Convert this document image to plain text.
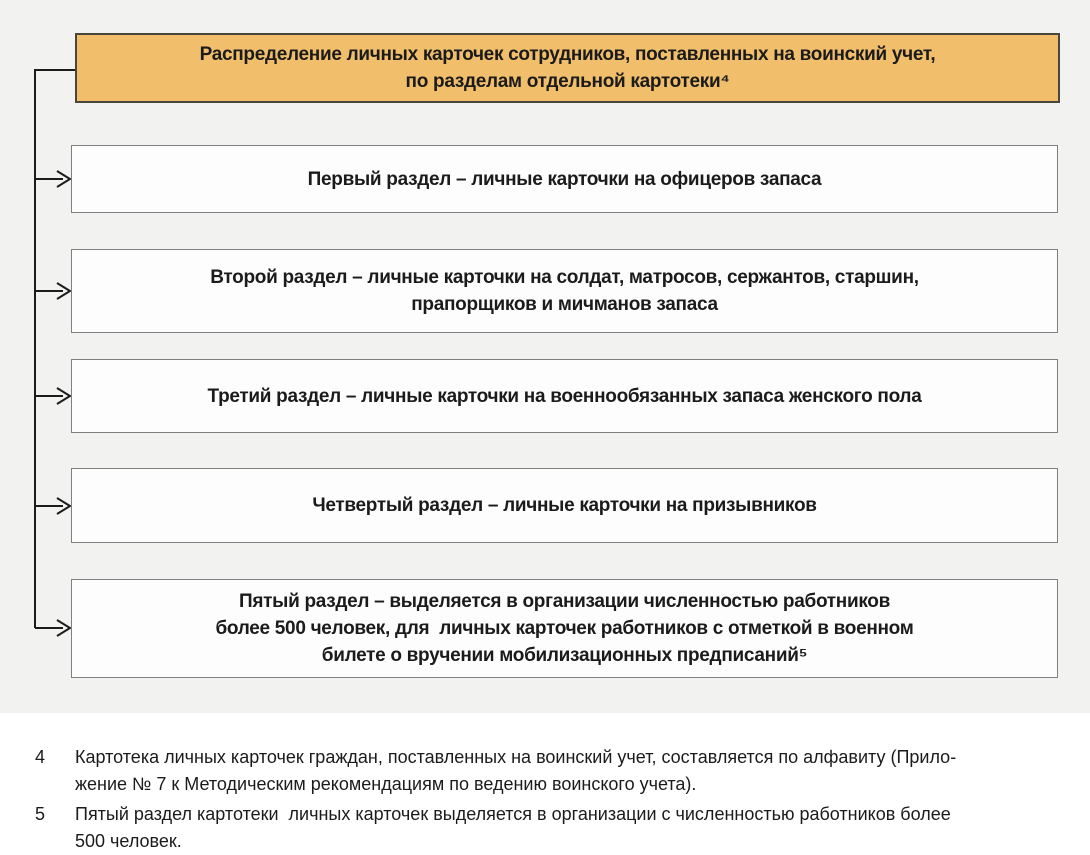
Распределение личных карточек сотрудников, поставленных на воинский учет,
по разделам отдельной картотеки⁴
Первый раздел – личные карточки на офицеров запаса
Второй раздел – личные карточки на солдат, матросов, сержантов, старшин,
прапорщиков и мичманов запаса
Третий раздел – личные карточки на военнообязанных запаса женского пола
Четвертый раздел – личные карточки на призывников
Пятый раздел – выделяется в организации численностью работников
более 500 человек, для  личных карточек работников с отметкой в военном
билете о вручении мобилизационных предписаний⁵
4	Картотека личных карточек граждан, поставленных на воинский учет, составляется по алфавиту (Прило-
жение № 7 к Методическим рекомендациям по ведению воинского учета).
5	Пятый раздел картотеки  личных карточек выделяется в организации с численностью работников более
500 человек.
